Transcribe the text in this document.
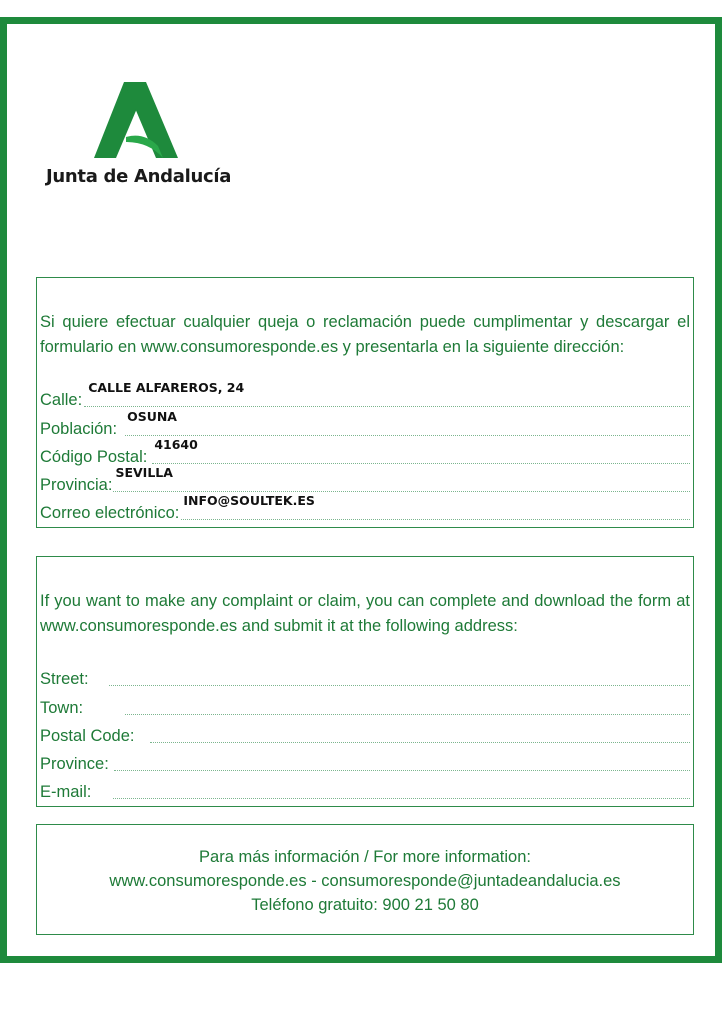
Junta de Andalucía
Si quiere efectuar cualquier queja o reclamación puede cumplimentar y descargar el formulario en www.consumoresponde.es y presentarla en la siguiente dirección:
Calle:
CALLE ALFAREROS, 24
Población:
OSUNA
Código Postal:
41640
Provincia:
SEVILLA
Correo electrónico:
INFO@SOULTEK.ES
If you want to make any complaint or claim, you can complete and download the form at www.consumoresponde.es and submit it at the following address:
Street:
Town:
Postal Code:
Province:
E-mail:
Para más información / For more information:
www.consumoresponde.es - consumoresponde@juntadeandalucia.es
Teléfono gratuito: 900 21 50 80
